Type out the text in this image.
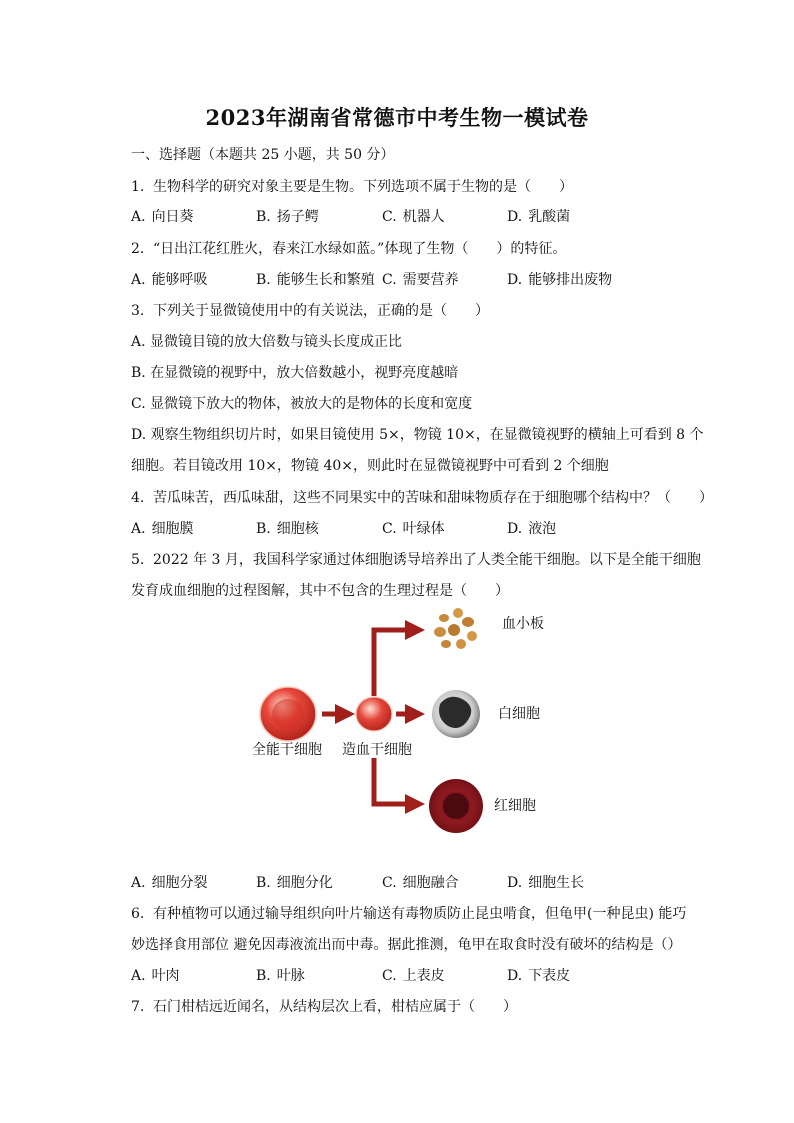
2023年湖南省常德市中考生物一模试卷
一、选择题（本题共 25 小题，共 50 分）
1. 生物科学的研究对象主要是生物。下列选项不属于生物的是（　　）
A. 向日葵	B. 扬子鳄	C. 机器人	D. 乳酸菌
2. “日出江花红胜火，春来江水绿如蓝。”体现了生物（　　）的特征。
A. 能够呼吸	B. 能够生长和繁殖 C. 需要营养	D. 能够排出废物
3. 下列关于显微镜使用中的有关说法，正确的是（　　）
A. 显微镜目镜的放大倍数与镜头长度成正比
B. 在显微镜的视野中，放大倍数越小，视野亮度越暗
C. 显微镜下放大的物体，被放大的是物体的长度和宽度
D. 观察生物组织切片时，如果目镜使用 5×，物镜 10×，在显微镜视野的横轴上可看到 8 个
细胞。若目镜改用 10×，物镜 40×，则此时在显微镜视野中可看到 2 个细胞
4. 苦瓜味苦，西瓜味甜，这些不同果实中的苦味和甜味物质存在于细胞哪个结构中？（　　）
A. 细胞膜	B. 细胞核	C. 叶绿体	D. 液泡
5. 2022 年 3 月，我国科学家通过体细胞诱导培养出了人类全能干细胞。以下是全能干细胞
发育成血细胞的过程图解，其中不包含的生理过程是（　　）
血小板
白细胞
红细胞
全能干细胞 造血干细胞
A. 细胞分裂	B. 细胞分化	C. 细胞融合	D. 细胞生长
6. 有种植物可以通过输导组织向叶片输送有毒物质防止昆虫啃食，但龟甲(一种昆虫) 能巧
妙选择食用部位 避免因毒液流出而中毒。据此推测，龟甲在取食时没有破坏的结构是（）
A. 叶肉	B. 叶脉	C. 上表皮	D. 下表皮
7. 石门柑桔远近闻名，从结构层次上看，柑桔应属于（　　）
